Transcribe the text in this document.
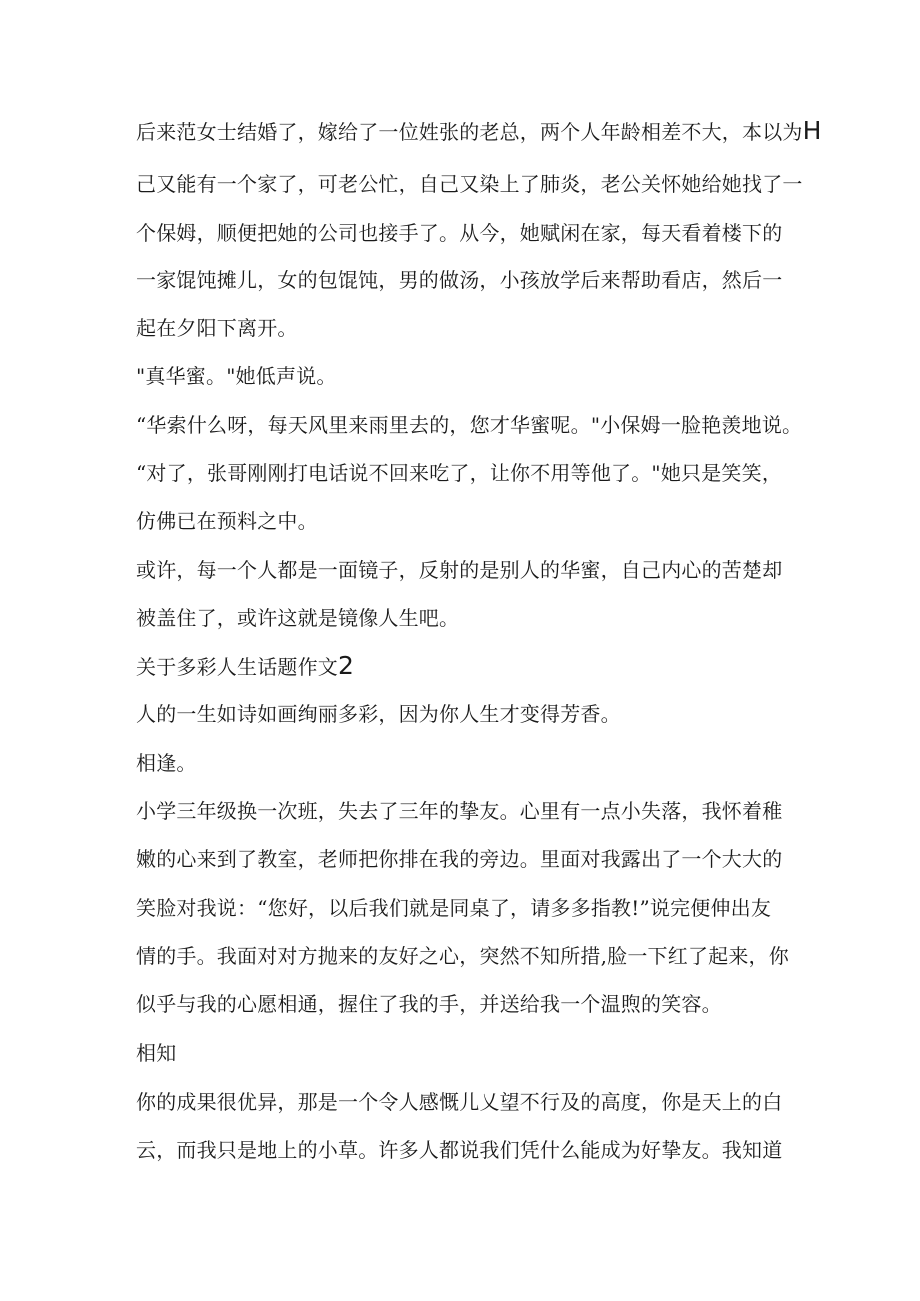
后来范女士结婚了，嫁给了一位姓张的老总，两个人年龄相差不大，本以为H
己又能有一个家了，可老公忙，自己又染上了肺炎，老公关怀她给她找了一
个保姆，顺便把她的公司也接手了。从今，她赋闲在家，每天看着楼下的
一家馄饨摊儿，女的包馄饨，男的做汤，小孩放学后来帮助看店，然后一
起在夕阳下离开。
"真华蜜。"她低声说。
“华索什么呀，每天风里来雨里去的，您才华蜜呢。"小保姆一脸艳羡地说。
“对了，张哥刚刚打电话说不回来吃了，让你不用等他了。"她只是笑笑，
仿佛已在预料之中。
或许，每一个人都是一面镜子，反射的是别人的华蜜，自己内心的苦楚却
被盖住了，或许这就是镜像人生吧。
关于多彩人生话题作文2
人的一生如诗如画绚丽多彩，因为你人生才变得芳香。
相逢。
小学三年级换一次班，失去了三年的挚友。心里有一点小失落，我怀着稚
嫩的心来到了教室，老师把你排在我的旁边。里面对我露出了一个大大的
笑脸对我说：“您好，以后我们就是同桌了，请多多指教!”说完便伸出友
情的手。我面对对方抛来的友好之心，突然不知所措,脸一下红了起来，你
似乎与我的心愿相通，握住了我的手，并送给我一个温煦的笑容。
相知
你的成果很优异，那是一个令人感慨儿乂望不行及的高度，你是天上的白
云，而我只是地上的小草。许多人都说我们凭什么能成为好挚友。我知道
